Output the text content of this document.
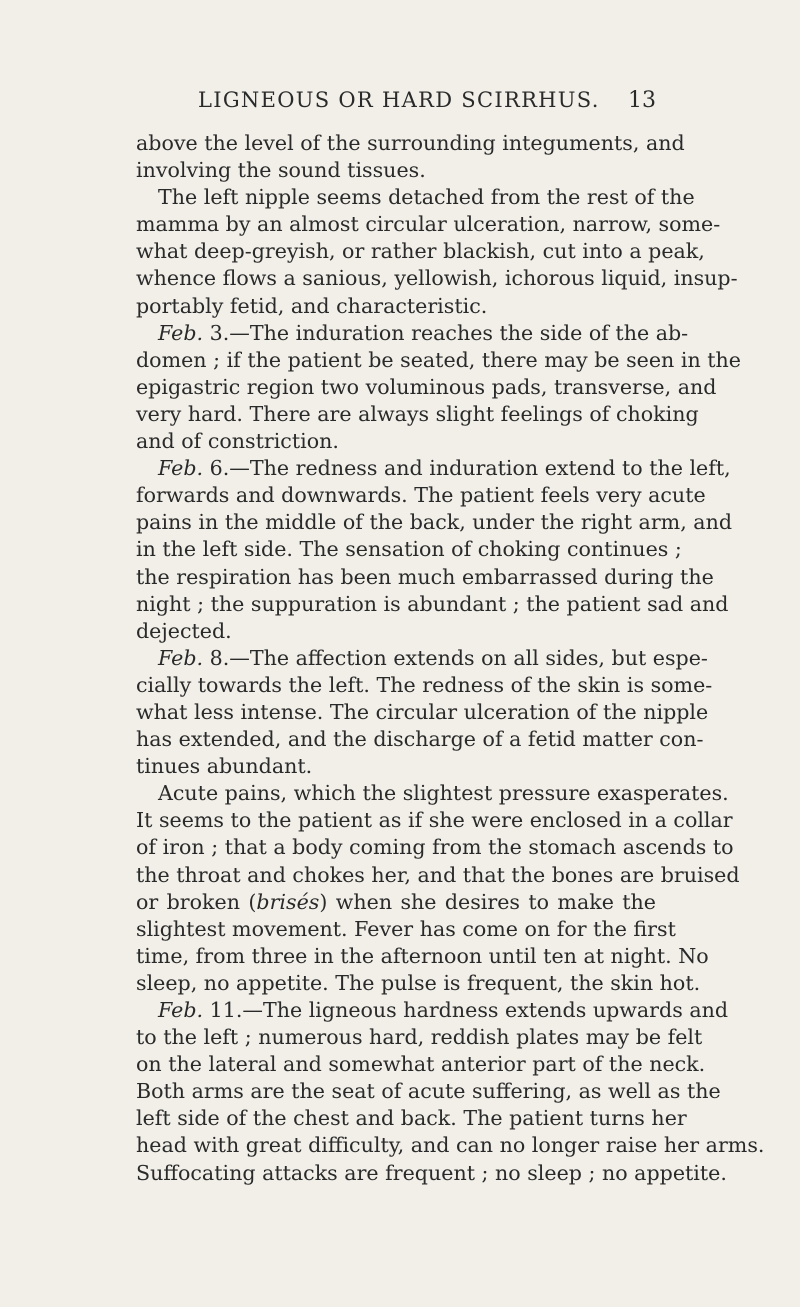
LIGNEOUS OR HARD SCIRRHUS. 13
above the level of the surrounding integuments, and
involving the sound tissues.
The left nipple seems detached from the rest of the
mamma by an almost circular ulceration, narrow, some-
what deep-greyish, or rather blackish, cut into a peak,
whence flows a sanious, yellowish, ichorous liquid, insup-
portably fetid, and characteristic.
Feb. 3.—The induration reaches the side of the ab-
domen ; if the patient be seated, there may be seen in the
epigastric region two voluminous pads, transverse, and
very hard. There are always slight feelings of choking
and of constriction.
Feb. 6.—The redness and induration extend to the left,
forwards and downwards. The patient feels very acute
pains in the middle of the back, under the right arm, and
in the left side. The sensation of choking continues ;
the respiration has been much embarrassed during the
night ; the suppuration is abundant ; the patient sad and
dejected.
Feb. 8.—The affection extends on all sides, but espe-
cially towards the left. The redness of the skin is some-
what less intense. The circular ulceration of the nipple
has extended, and the discharge of a fetid matter con-
tinues abundant.
Acute pains, which the slightest pressure exasperates.
It seems to the patient as if she were enclosed in a collar
of iron ; that a body coming from the stomach ascends to
the throat and chokes her, and that the bones are bruised
or broken (brisés) when she desires to make the
slightest movement. Fever has come on for the first
time, from three in the afternoon until ten at night. No
sleep, no appetite. The pulse is frequent, the skin hot.
Feb. 11.—The ligneous hardness extends upwards and
to the left ; numerous hard, reddish plates may be felt
on the lateral and somewhat anterior part of the neck.
Both arms are the seat of acute suffering, as well as the
left side of the chest and back. The patient turns her
head with great difficulty, and can no longer raise her arms.
Suffocating attacks are frequent ; no sleep ; no appetite.
